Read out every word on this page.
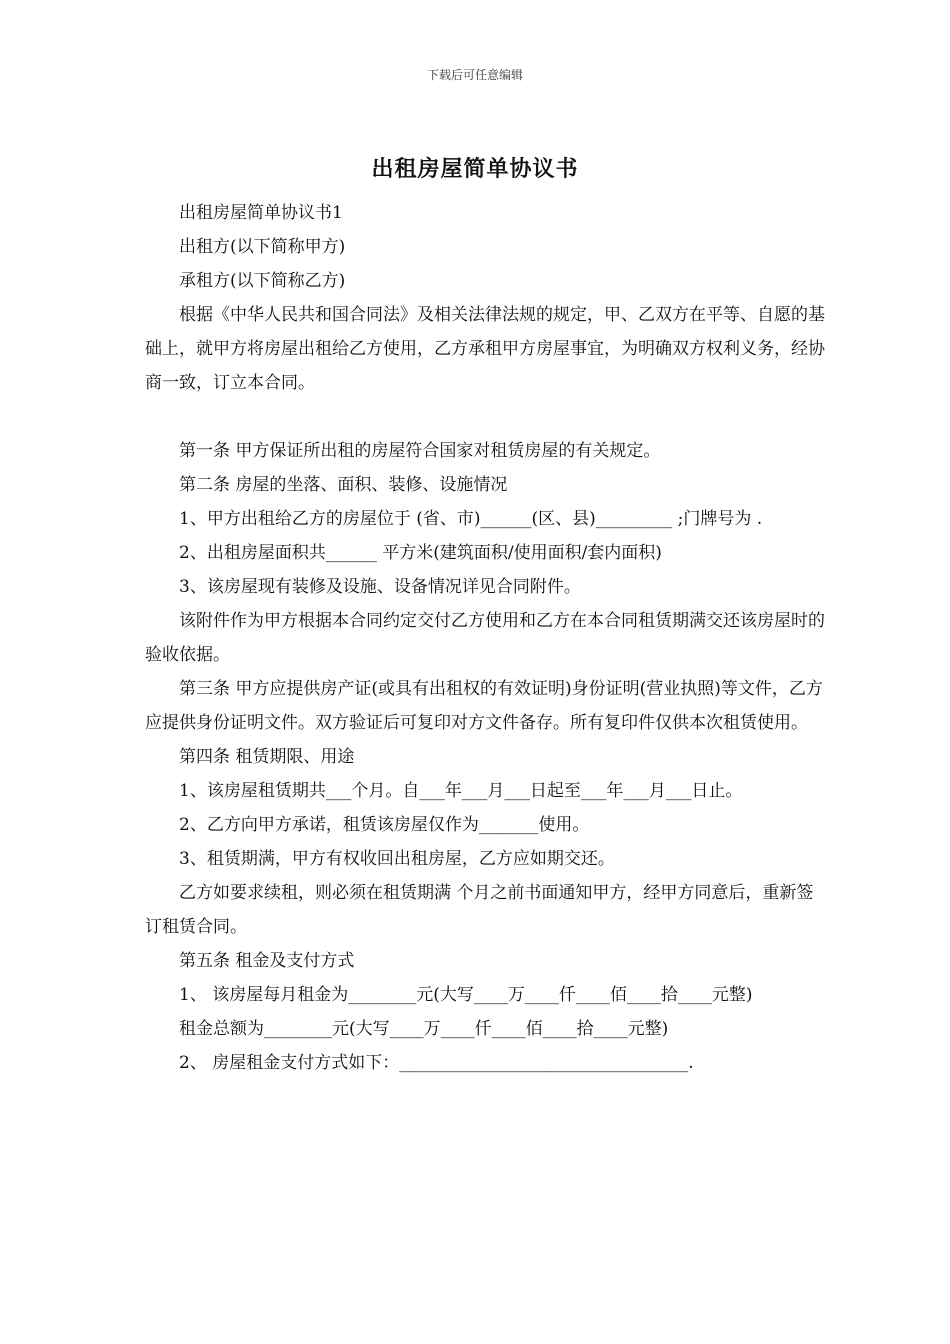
下载后可任意编辑
出租房屋简单协议书

出租房屋简单协议书1

出租方(以下简称甲方)

承租方(以下简称乙方)

根据《中华人民共和国合同法》及相关法律法规的规定，甲、乙双方在平等、自愿的基础上，就甲方将房屋出租给乙方使用，乙方承租甲方房屋事宜，为明确双方权利义务，经协商一致，订立本合同。

第一条 甲方保证所出租的房屋符合国家对租赁房屋的有关规定。

第二条 房屋的坐落、面积、装修、设施情况

1、甲方出租给乙方的房屋位于 (省、市)______(区、县)_________ ;门牌号为 .

2、出租房屋面积共______ 平方米(建筑面积/使用面积/套内面积)

3、该房屋现有装修及设施、设备情况详见合同附件。

该附件作为甲方根据本合同约定交付乙方使用和乙方在本合同租赁期满交还该房屋时的验收依据。

第三条 甲方应提供房产证(或具有出租权的有效证明)身份证明(营业执照)等文件，乙方应提供身份证明文件。双方验证后可复印对方文件备存。所有复印件仅供本次租赁使用。

第四条 租赁期限、用途

1、该房屋租赁期共___个月。自___年___月___日起至___年___月___日止。

2、乙方向甲方承诺，租赁该房屋仅作为_______使用。

3、租赁期满，甲方有权收回出租房屋，乙方应如期交还。

乙方如要求续租，则必须在租赁期满 个月之前书面通知甲方，经甲方同意后，重新签订租赁合同。

第五条 租金及支付方式

1、 该房屋每月租金为________元(大写____万____仟____佰____拾____元整)

租金总额为________元(大写____万____仟____佰____拾____元整)

2、 房屋租金支付方式如下：__________________________________.
